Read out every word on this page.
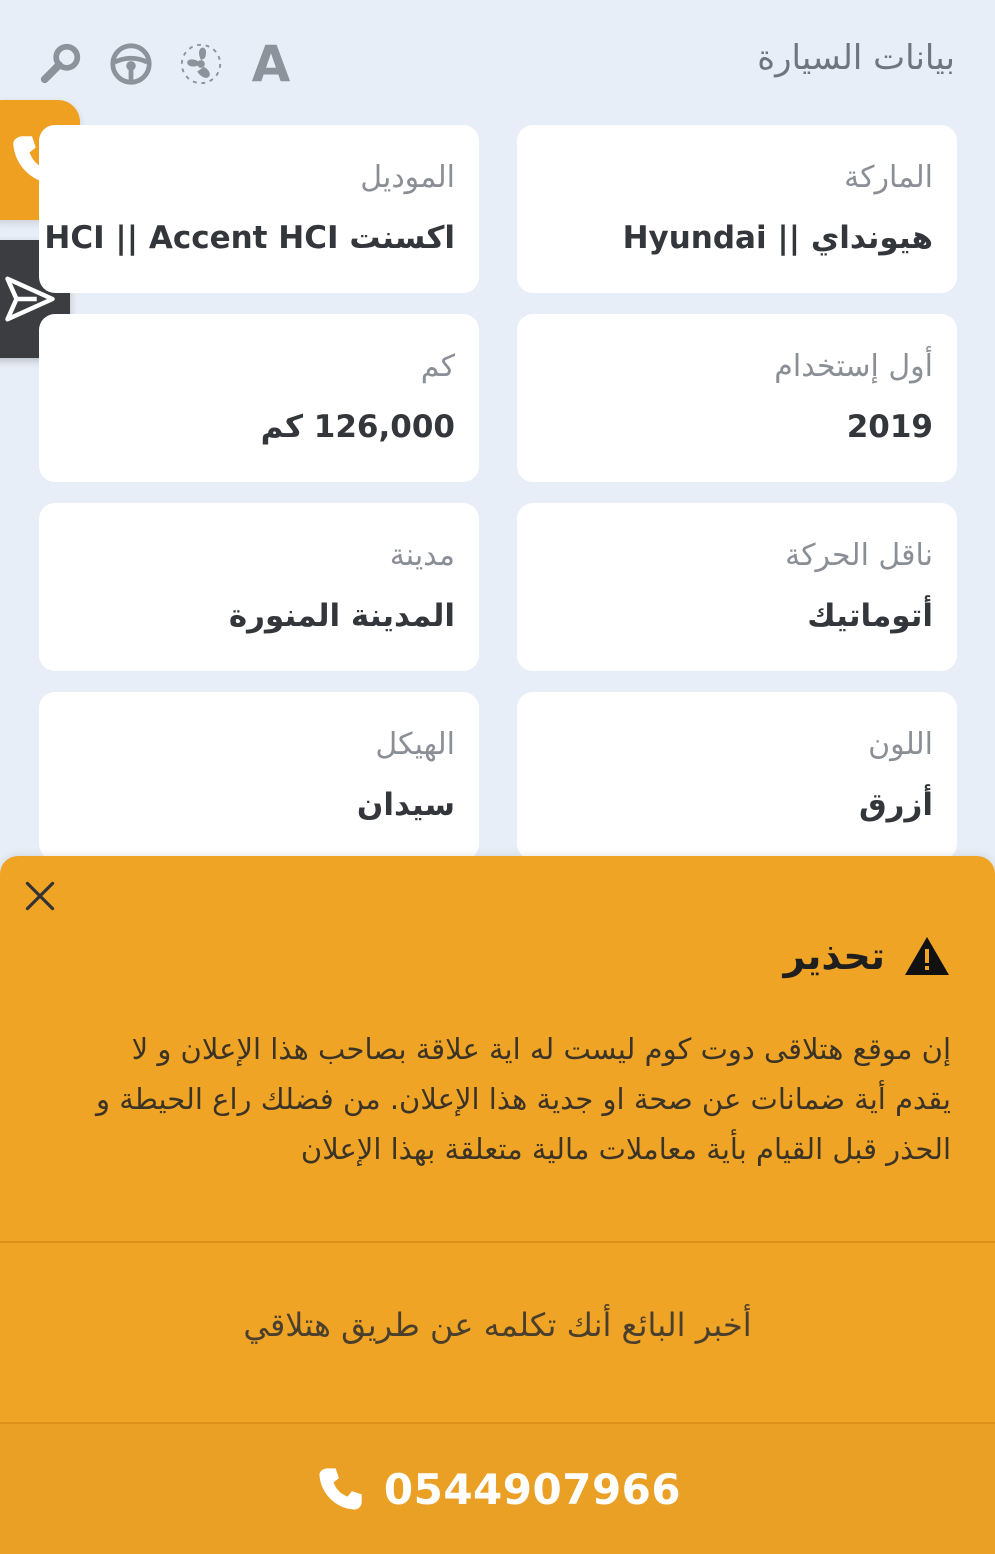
بيانات السيارة
A
الماركة
هيونداي || Hyundai
الموديل
اكسنت HCI || Accent HCI
أول إستخدام
2019
كم
126,000 كم
ناقل الحركة
أتوماتيك
مدينة
المدينة المنورة
اللون
أزرق
الهيكل
سيدان
تحذير
إن موقع هتلاقى دوت كوم ليست له اية علاقة بصاحب هذا الإعلان و لا يقدم أية ضمانات عن صحة او جدية هذا الإعلان. من فضلك راع الحيطة و الحذر قبل القيام بأية معاملات مالية متعلقة بهذا الإعلان
أخبر البائع أنك تكلمه عن طريق هتلاقي
0544907966
